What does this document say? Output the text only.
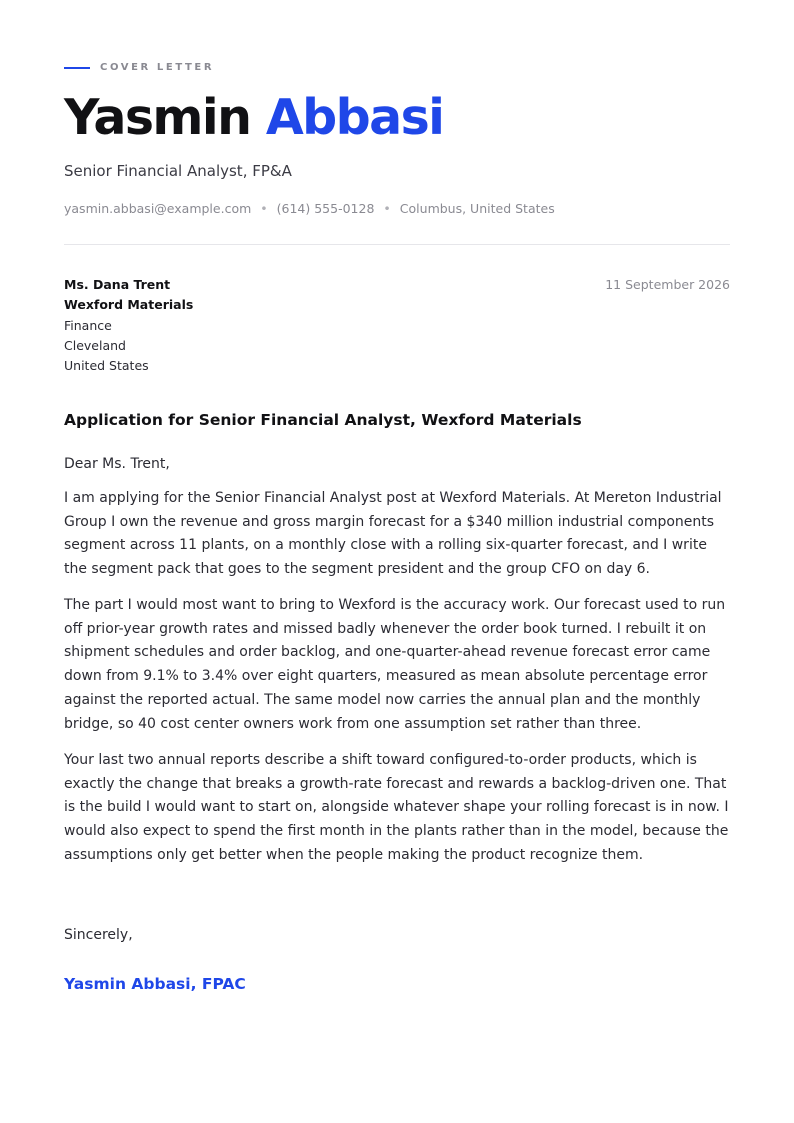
COVER LETTER
Yasmin Abbasi
Senior Financial Analyst, FP&A
yasmin.abbasi@example.com • (614) 555-0128 • Columbus, United States
Ms. Dana Trent
Wexford Materials
Finance
Cleveland
United States
11 September 2026
Application for Senior Financial Analyst, Wexford Materials
Dear Ms. Trent,

I am applying for the Senior Financial Analyst post at Wexford Materials. At Mereton Industrial Group I own the revenue and gross margin forecast for a $340 million industrial components segment across 11 plants, on a monthly close with a rolling six-quarter forecast, and I write the segment pack that goes to the segment president and the group CFO on day 6.

The part I would most want to bring to Wexford is the accuracy work. Our forecast used to run off prior-year growth rates and missed badly whenever the order book turned. I rebuilt it on shipment schedules and order backlog, and one-quarter-ahead revenue forecast error came down from 9.1% to 3.4% over eight quarters, measured as mean absolute percentage error against the reported actual. The same model now carries the annual plan and the monthly bridge, so 40 cost center owners work from one assumption set rather than three.

Your last two annual reports describe a shift toward configured-to-order products, which is exactly the change that breaks a growth-rate forecast and rewards a backlog-driven one. That is the build I would want to start on, alongside whatever shape your rolling forecast is in now. I would also expect to spend the first month in the plants rather than in the model, because the assumptions only get better when the people making the product recognize them.

Sincerely,
Yasmin Abbasi, FPAC
